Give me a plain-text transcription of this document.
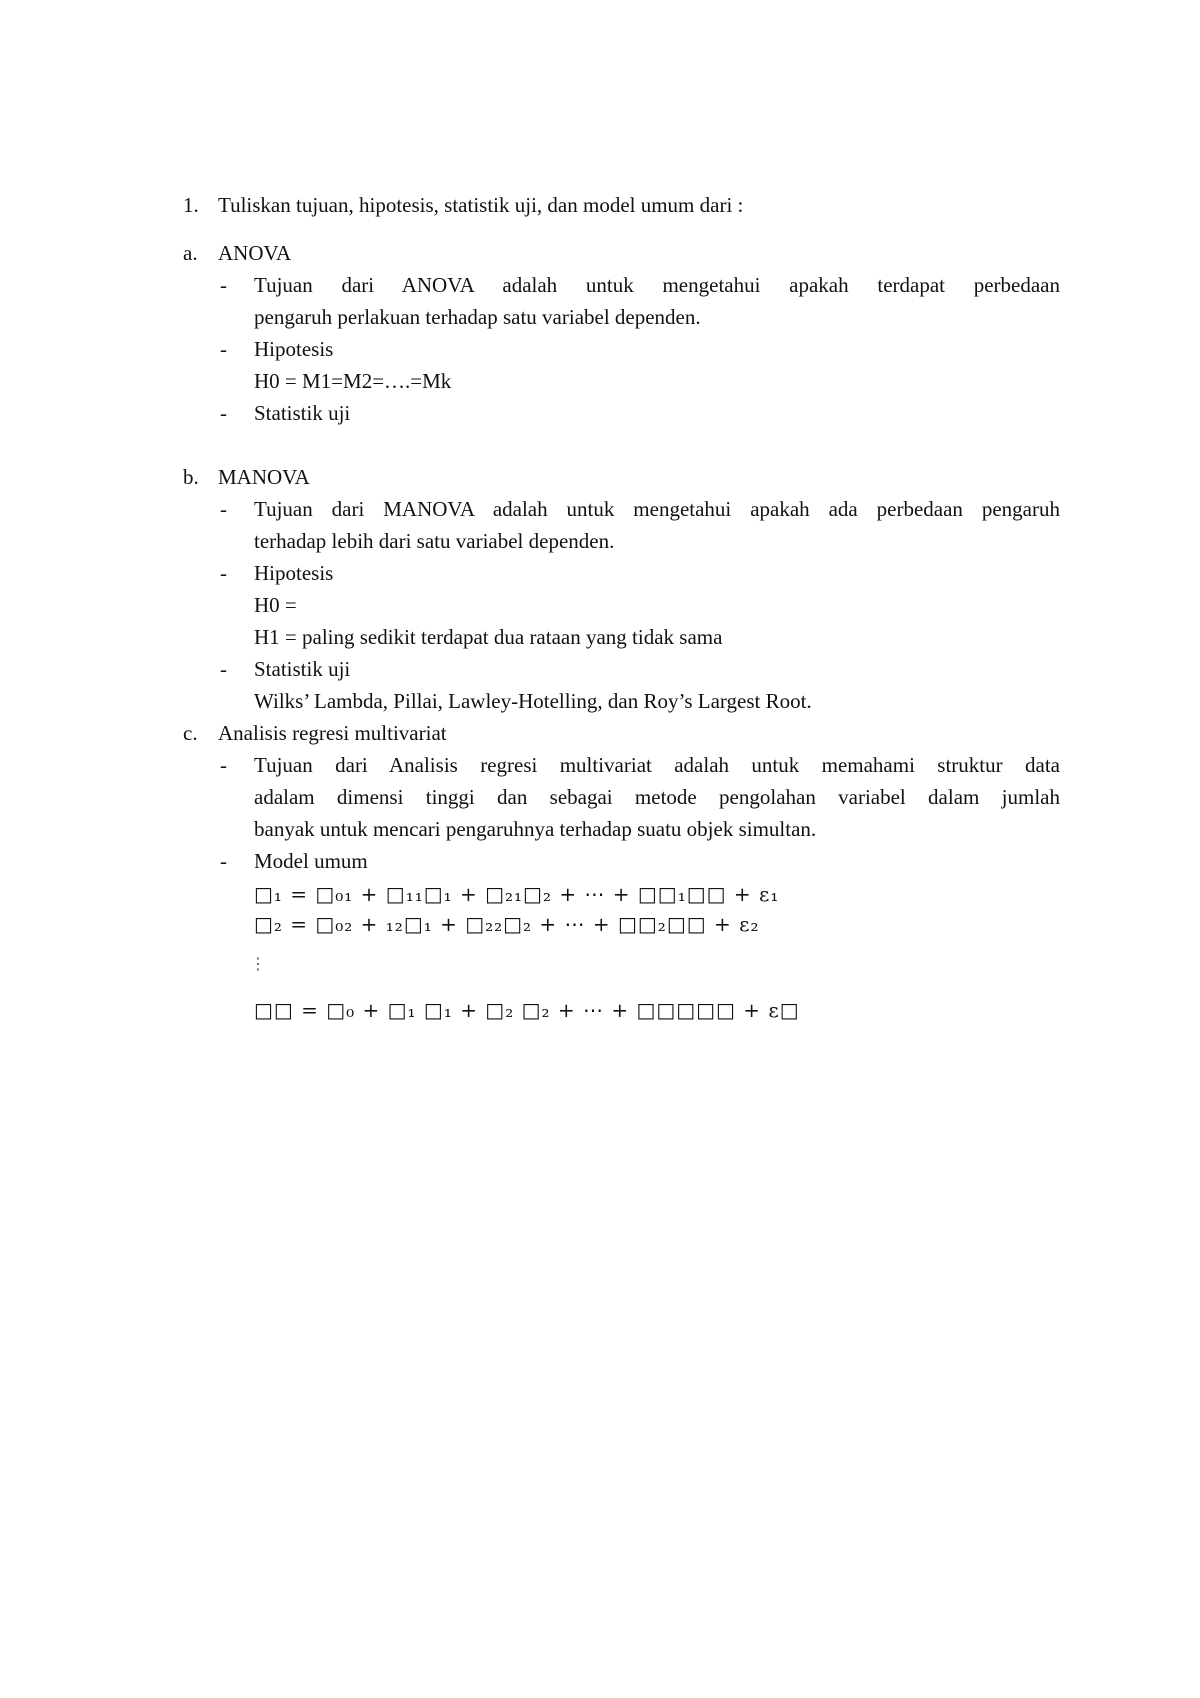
1. Tuliskan tujuan, hipotesis, statistik uji, dan model umum dari :
a. ANOVA
- Tujuan dari ANOVA adalah untuk mengetahui apakah terdapat perbedaan
pengaruh perlakuan terhadap satu variabel dependen.
- Hipotesis
H0 = M1=M2=….=Mk
- Statistik uji
b. MANOVA
- Tujuan dari MANOVA adalah untuk mengetahui apakah ada perbedaan pengaruh
terhadap lebih dari satu variabel dependen.
- Hipotesis
H0 =
H1 = paling sedikit terdapat dua rataan yang tidak sama
- Statistik uji
Wilks’ Lambda, Pillai, Lawley-Hotelling, dan Roy’s Largest Root.
c. Analisis regresi multivariat
- Tujuan dari Analisis regresi multivariat adalah untuk memahami struktur data
adalam dimensi tinggi dan sebagai metode pengolahan variabel dalam jumlah
banyak untuk mencari pengaruhnya terhadap suatu objek simultan.
- Model umum
□₁ = □₀₁ + □₁₁□₁ + □₂₁□₂ + ⋯ + □□₁□□ + ε₁
□₂ = □₀₂ + ₁₂□₁ + □₂₂□₂ + ⋯ + □□₂□□ + ε₂
⋮
□□ = □₀ + □₁ □₁ + □₂ □₂ + ⋯ + □□□□□ + ε□
